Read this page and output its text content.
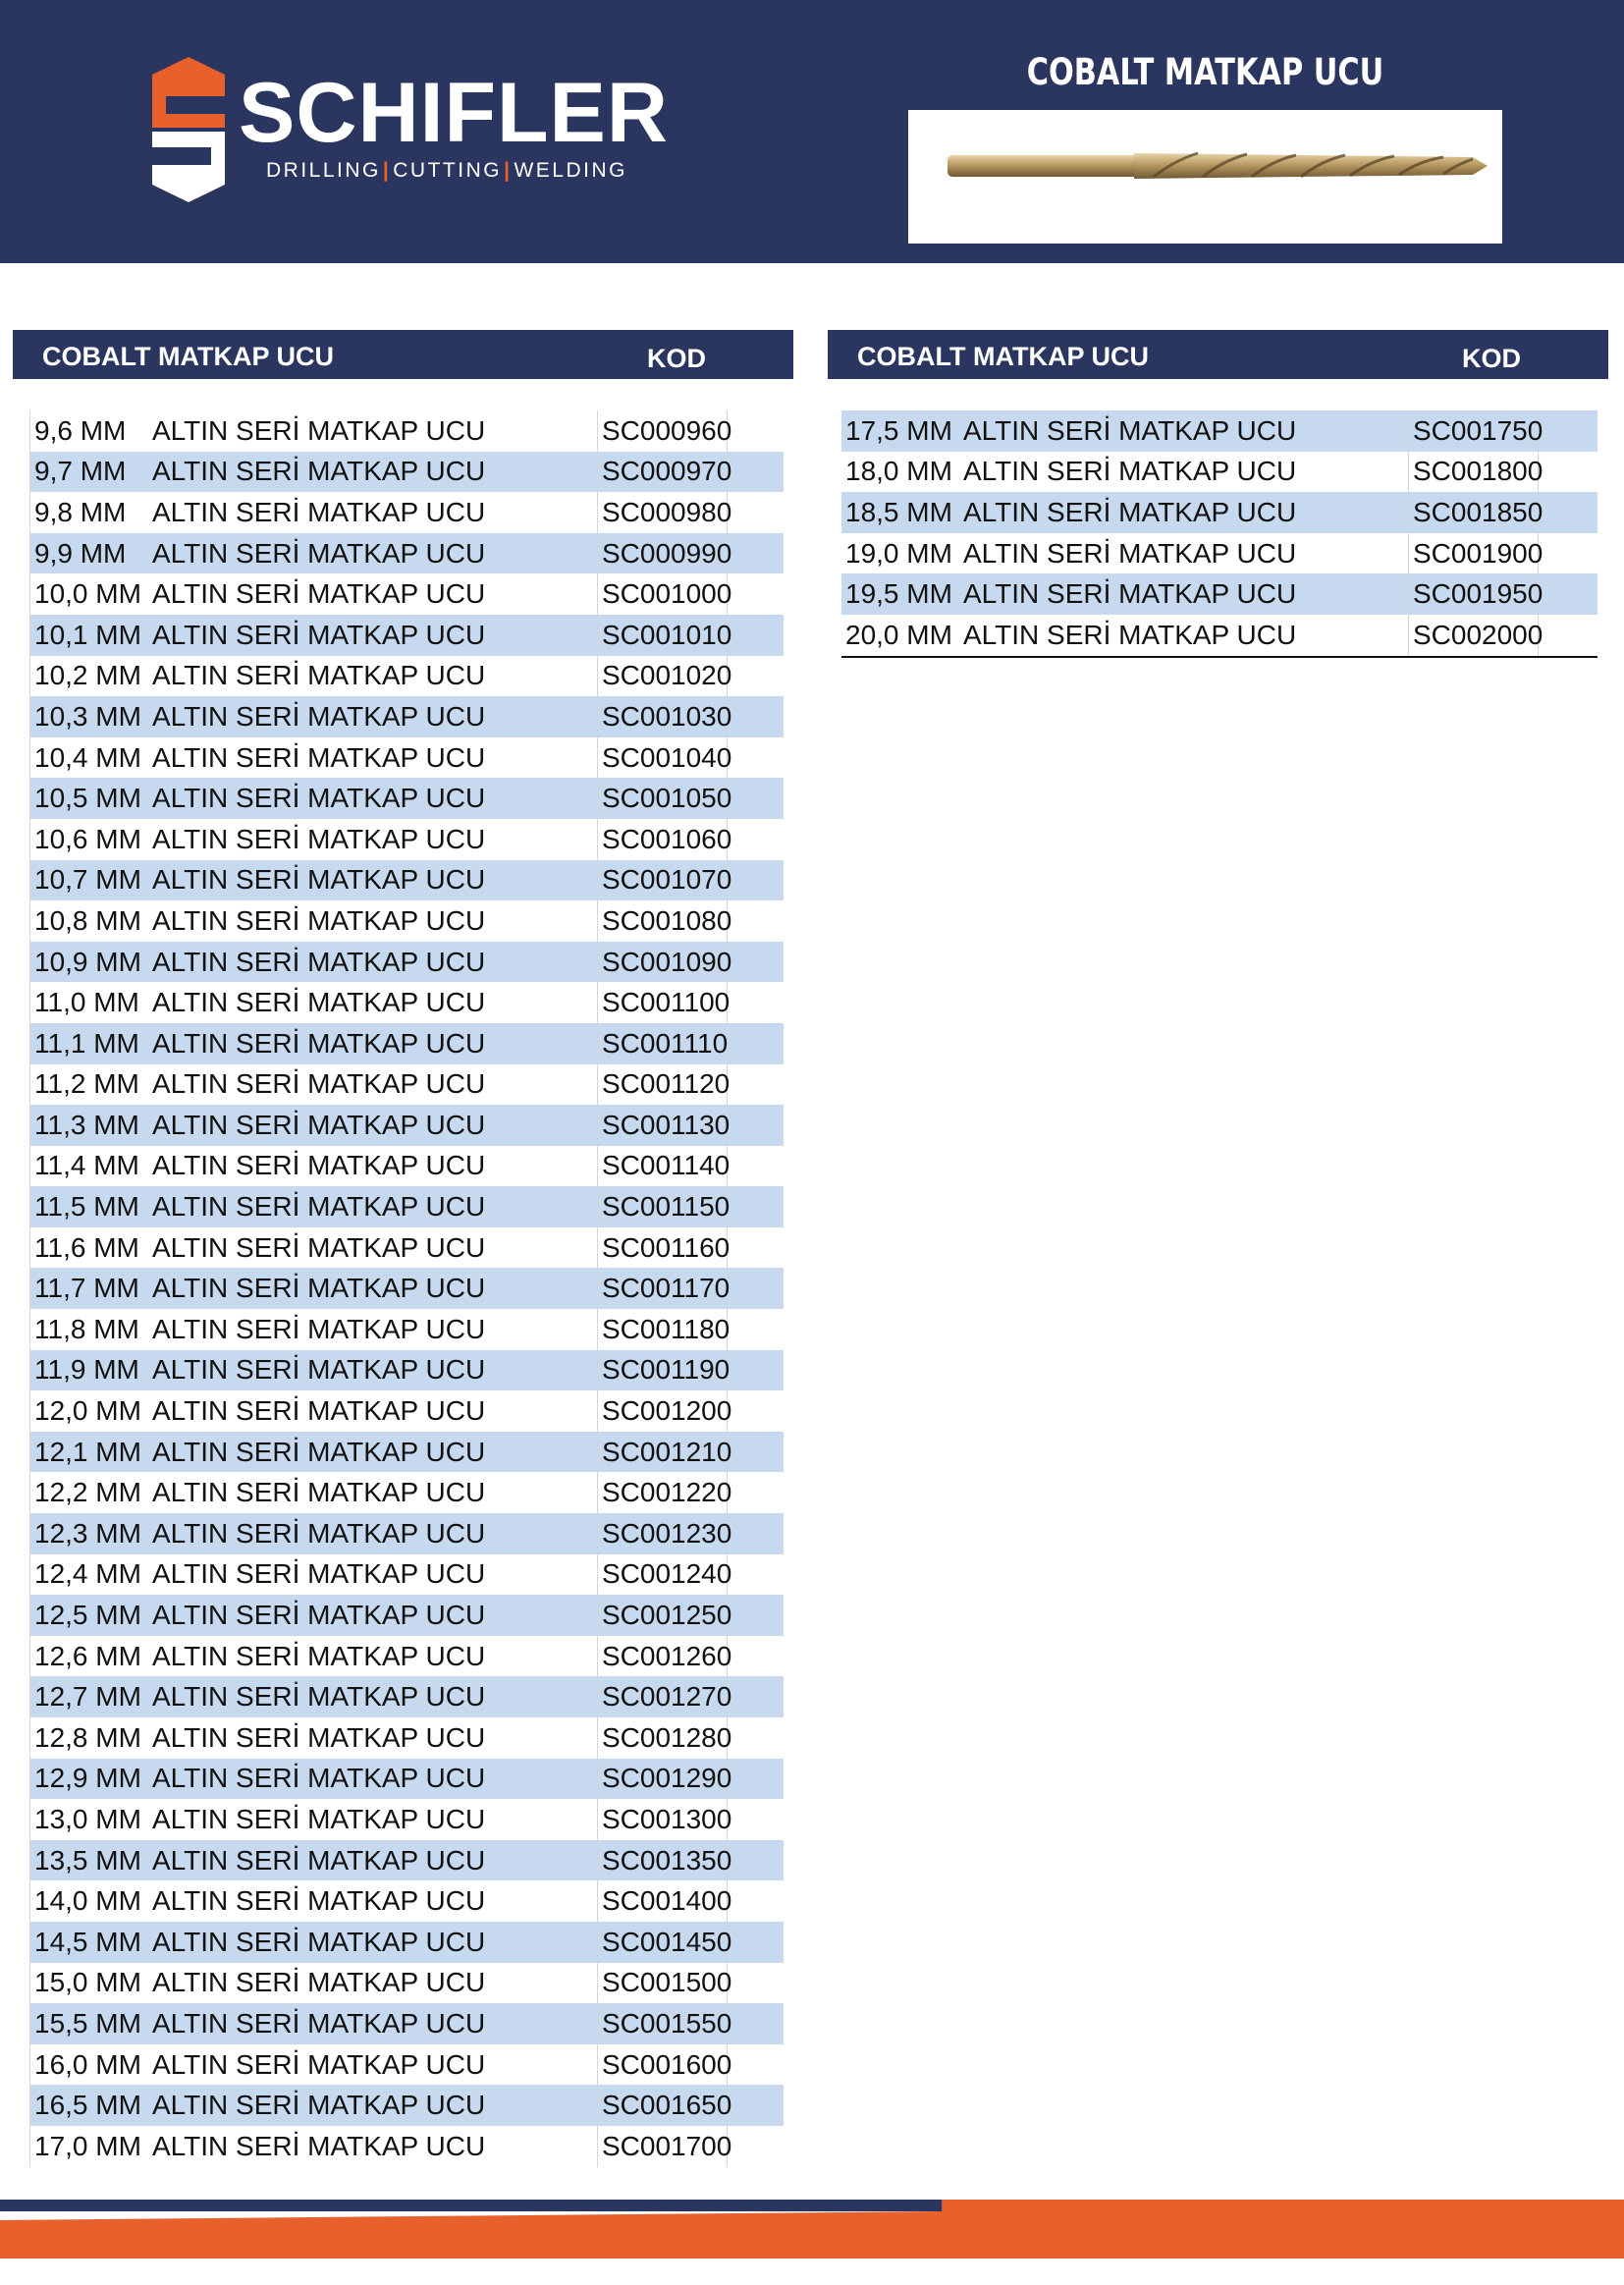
SCHIFLER
DRILLING|CUTTING|WELDING
COBALT MATKAP UCU
COBALT MATKAP UCU	KOD
9,6 MM ALTIN SERİ MATKAP UCU	SC000960
9,7 MM ALTIN SERİ MATKAP UCU	SC000970
9,8 MM ALTIN SERİ MATKAP UCU	SC000980
9,9 MM ALTIN SERİ MATKAP UCU	SC000990
10,0 MM ALTIN SERİ MATKAP UCU	SC001000
10,1 MM ALTIN SERİ MATKAP UCU	SC001010
10,2 MM ALTIN SERİ MATKAP UCU	SC001020
10,3 MM ALTIN SERİ MATKAP UCU	SC001030
10,4 MM ALTIN SERİ MATKAP UCU	SC001040
10,5 MM ALTIN SERİ MATKAP UCU	SC001050
10,6 MM ALTIN SERİ MATKAP UCU	SC001060
10,7 MM ALTIN SERİ MATKAP UCU	SC001070
10,8 MM ALTIN SERİ MATKAP UCU	SC001080
10,9 MM ALTIN SERİ MATKAP UCU	SC001090
11,0 MM ALTIN SERİ MATKAP UCU	SC001100
11,1 MM ALTIN SERİ MATKAP UCU	SC001110
11,2 MM ALTIN SERİ MATKAP UCU	SC001120
11,3 MM ALTIN SERİ MATKAP UCU	SC001130
11,4 MM ALTIN SERİ MATKAP UCU	SC001140
11,5 MM ALTIN SERİ MATKAP UCU	SC001150
11,6 MM ALTIN SERİ MATKAP UCU	SC001160
11,7 MM ALTIN SERİ MATKAP UCU	SC001170
11,8 MM ALTIN SERİ MATKAP UCU	SC001180
11,9 MM ALTIN SERİ MATKAP UCU	SC001190
12,0 MM ALTIN SERİ MATKAP UCU	SC001200
12,1 MM ALTIN SERİ MATKAP UCU	SC001210
12,2 MM ALTIN SERİ MATKAP UCU	SC001220
12,3 MM ALTIN SERİ MATKAP UCU	SC001230
12,4 MM ALTIN SERİ MATKAP UCU	SC001240
12,5 MM ALTIN SERİ MATKAP UCU	SC001250
12,6 MM ALTIN SERİ MATKAP UCU	SC001260
12,7 MM ALTIN SERİ MATKAP UCU	SC001270
12,8 MM ALTIN SERİ MATKAP UCU	SC001280
12,9 MM ALTIN SERİ MATKAP UCU	SC001290
13,0 MM ALTIN SERİ MATKAP UCU	SC001300
13,5 MM ALTIN SERİ MATKAP UCU	SC001350
14,0 MM ALTIN SERİ MATKAP UCU	SC001400
14,5 MM ALTIN SERİ MATKAP UCU	SC001450
15,0 MM ALTIN SERİ MATKAP UCU	SC001500
15,5 MM ALTIN SERİ MATKAP UCU	SC001550
16,0 MM ALTIN SERİ MATKAP UCU	SC001600
16,5 MM ALTIN SERİ MATKAP UCU	SC001650
17,0 MM ALTIN SERİ MATKAP UCU	SC001700
COBALT MATKAP UCU	KOD
17,5 MM ALTIN SERİ MATKAP UCU	SC001750
18,0 MM ALTIN SERİ MATKAP UCU	SC001800
18,5 MM ALTIN SERİ MATKAP UCU	SC001850
19,0 MM ALTIN SERİ MATKAP UCU	SC001900
19,5 MM ALTIN SERİ MATKAP UCU	SC001950
20,0 MM ALTIN SERİ MATKAP UCU	SC002000
